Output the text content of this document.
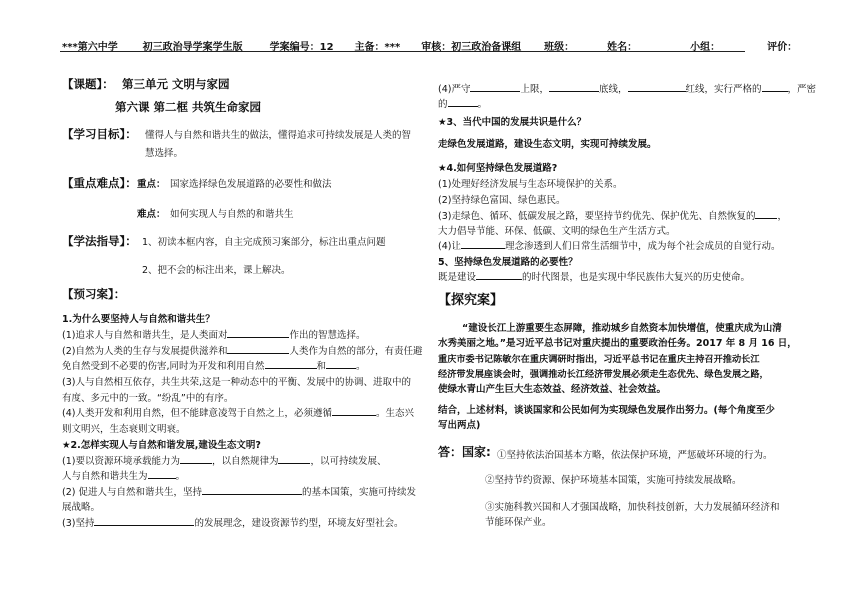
***第六中学 初三政治导学案学生版	学案编号：12 主备：*** 审核：初三政治备课组 班级：	姓名：	小组：	评价：
【课题】： 第三单元 文明与家园
第六课 第二框 共筑生命家园
【学习目标】： 懂得人与自然和谐共生的做法，懂得追求可持续发展是人类的智
慧选择。
【重点难点】： 重点： 国家选择绿色发展道路的必要性和做法
难点： 如何实现人与自然的和谐共生
【学法指导】： 1、初读本框内容，自主完成预习案部分，标注出重点问题
2、把不会的标注出来，课上解决。
【预习案】：
1.为什么要坚持人与自然和谐共生？
(1)追求人与自然和谐共生，是人类面对	作出的智慧选择。
(2)自然为人类的生存与发展提供滋养和	人类作为自然的部分，有责任避
免自然受到不必要的伤害,同时为开发和利用自然	和	。
(3)人与自然相互依存，共生共荣,这是一种动态中的平衡、发展中的协调、进取中的
有度、多元中的一致。“纷乱”中的有序。
(4)人类开发和利用自然，但不能肆意凌驾于自然之上，必须遵循	。生态兴
则文明兴，生态衰则文明衰。
★2.怎样实现人与自然和谐发展,建设生态文明?
(1)要以资源环境承载能力为	，以自然规律为	，以可持续发展、
人与自然和谐共生为	。
(2) 促进人与自然和谐共生，坚持	的基本国策，实施可持续发
展战略。
(3)坚持	的发展理念，建设资源节约型，环境友好型社会。
(4)严守	上限，	底线，	红线，实行严格的	，严密
的	。
★3、当代中国的发展共识是什么？
走绿色发展道路，建设生态文明，实现可持续发展。
★4.如何坚持绿色发展道路?
(1)处理好经济发展与生态环境保护的关系。
(2)坚持绿色富国、绿色惠民。
(3)走绿色、循环、低碳发展之路，要坚持节约优先、保护优先、自然恢复的 ，
大力倡导节能、环保、低碳、文明的绿色生产生活方式。
(4)让	理念渗透到人们日常生活细节中，成为每个社会成员的自觉行动。
5、坚持绿色发展道路的必要性？
既是建设	的时代图景，也是实现中华民族伟大复兴的历史使命。
【探究案】
“建设长江上游重要生态屏障，推动城乡自然资本加快增值，使重庆成为山清
水秀美丽之地。”是习近平总书记对重庆提出的重要政治任务。2017 年 8 月 16 日，
重庆市委书记陈敏尔在重庆调研时指出，习近平总书记在重庆主持召开推动长江
经济带发展座谈会时，强调推动长江经济带发展必须走生态优先、绿色发展之路，
使绿水青山产生巨大生态效益、经济效益、社会效益。
结合，上述材料，谈谈国家和公民如何为实现绿色发展作出努力。(每个角度至少
写出两点)
答：国家: ①坚持依法治国基本方略，依法保护环境，严惩破坏环境的行为。
②坚持节约资源、保护环境基本国策，实施可持续发展战略。
③实施科教兴国和人才强国战略，加快科技创新，大力发展循环经济和
节能环保产业。
